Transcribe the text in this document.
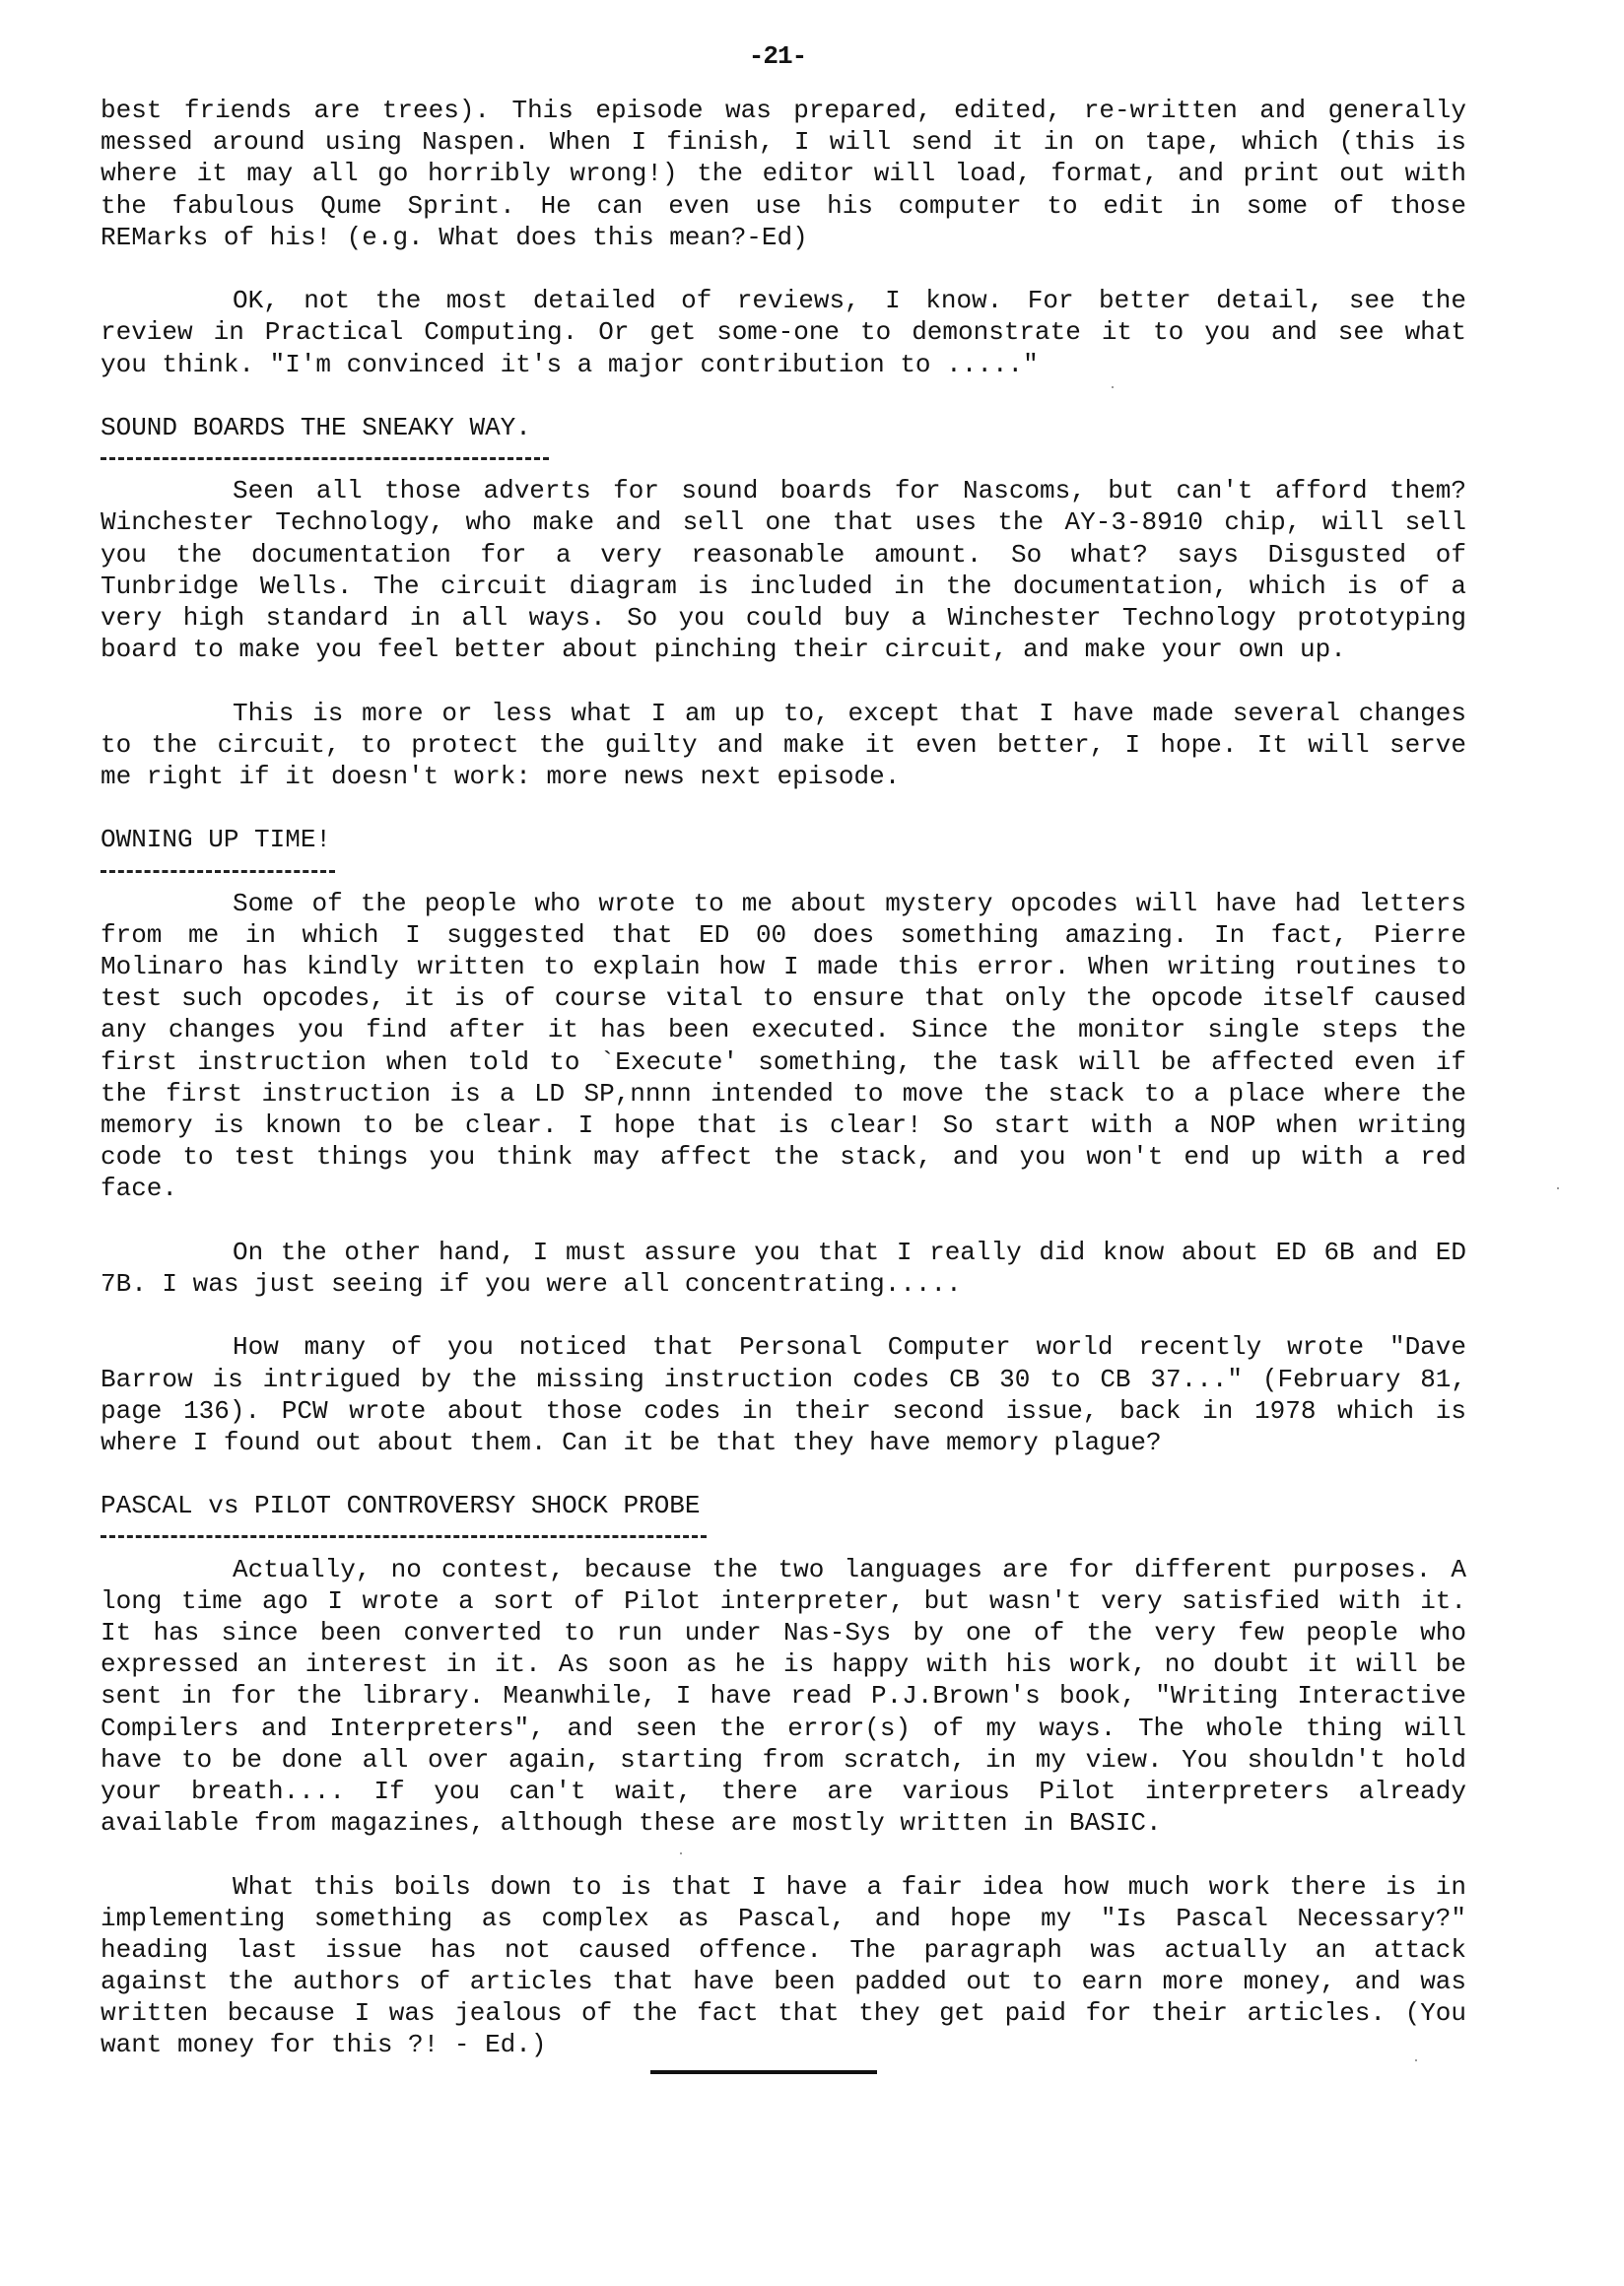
-21-
best friends are trees). This episode was prepared, edited, re-written and generally
messed around using Naspen. When I finish, I will send it in on tape, which (this is
where it may all go horribly wrong!) the editor will load, format, and print out with
the fabulous Qume Sprint. He can even use his computer to edit in some of those
REMarks of his! (e.g. What does this mean?-Ed)
OK, not the most detailed of reviews, I know. For better detail, see the
review in Practical Computing. Or get some-one to demonstrate it to you and see what
you think. "I'm convinced it's a major contribution to ....."
SOUND BOARDS THE SNEAKY WAY.
Seen all those adverts for sound boards for Nascoms, but can't afford them?
Winchester Technology, who make and sell one that uses the AY-3-8910 chip, will sell
you the documentation for a very reasonable amount. So what? says Disgusted of
Tunbridge Wells. The circuit diagram is included in the documentation, which is of a
very high standard in all ways. So you could buy a Winchester Technology prototyping
board to make you feel better about pinching their circuit, and make your own up.
This is more or less what I am up to, except that I have made several changes
to the circuit, to protect the guilty and make it even better, I hope. It will serve
me right if it doesn't work: more news next episode.
OWNING UP TIME!
Some of the people who wrote to me about mystery opcodes will have had letters
from me in which I suggested that ED 00 does something amazing. In fact, Pierre
Molinaro has kindly written to explain how I made this error. When writing routines to
test such opcodes, it is of course vital to ensure that only the opcode itself caused
any changes you find after it has been executed. Since the monitor single steps the
first instruction when told to `Execute' something, the task will be affected even if
the first instruction is a LD SP,nnnn intended to move the stack to a place where the
memory is known to be clear. I hope that is clear! So start with a NOP when writing
code to test things you think may affect the stack, and you won't end up with a red
face.
On the other hand, I must assure you that I really did know about ED 6B and ED
7B. I was just seeing if you were all concentrating.....
How many of you noticed that Personal Computer world recently wrote "Dave
Barrow is intrigued by the missing instruction codes CB 30 to CB 37..." (February 81,
page 136). PCW wrote about those codes in their second issue, back in 1978 which is
where I found out about them. Can it be that they have memory plague?
PASCAL vs PILOT CONTROVERSY SHOCK PROBE
Actually, no contest, because the two languages are for different purposes. A
long time ago I wrote a sort of Pilot interpreter, but wasn't very satisfied with it.
It has since been converted to run under Nas-Sys by one of the very few people who
expressed an interest in it. As soon as he is happy with his work, no doubt it will be
sent in for the library. Meanwhile, I have read P.J.Brown's book, "Writing Interactive
Compilers and Interpreters", and seen the error(s) of my ways. The whole thing will
have to be done all over again, starting from scratch, in my view. You shouldn't hold
your breath.... If you can't wait, there are various Pilot interpreters already
available from magazines, although these are mostly written in BASIC.
What this boils down to is that I have a fair idea how much work there is in
implementing something as complex as Pascal, and hope my "Is Pascal Necessary?"
heading last issue has not caused offence. The paragraph was actually an attack
against the authors of articles that have been padded out to earn more money, and was
written because I was jealous of the fact that they get paid for their articles. (You
want money for this ?! - Ed.)
